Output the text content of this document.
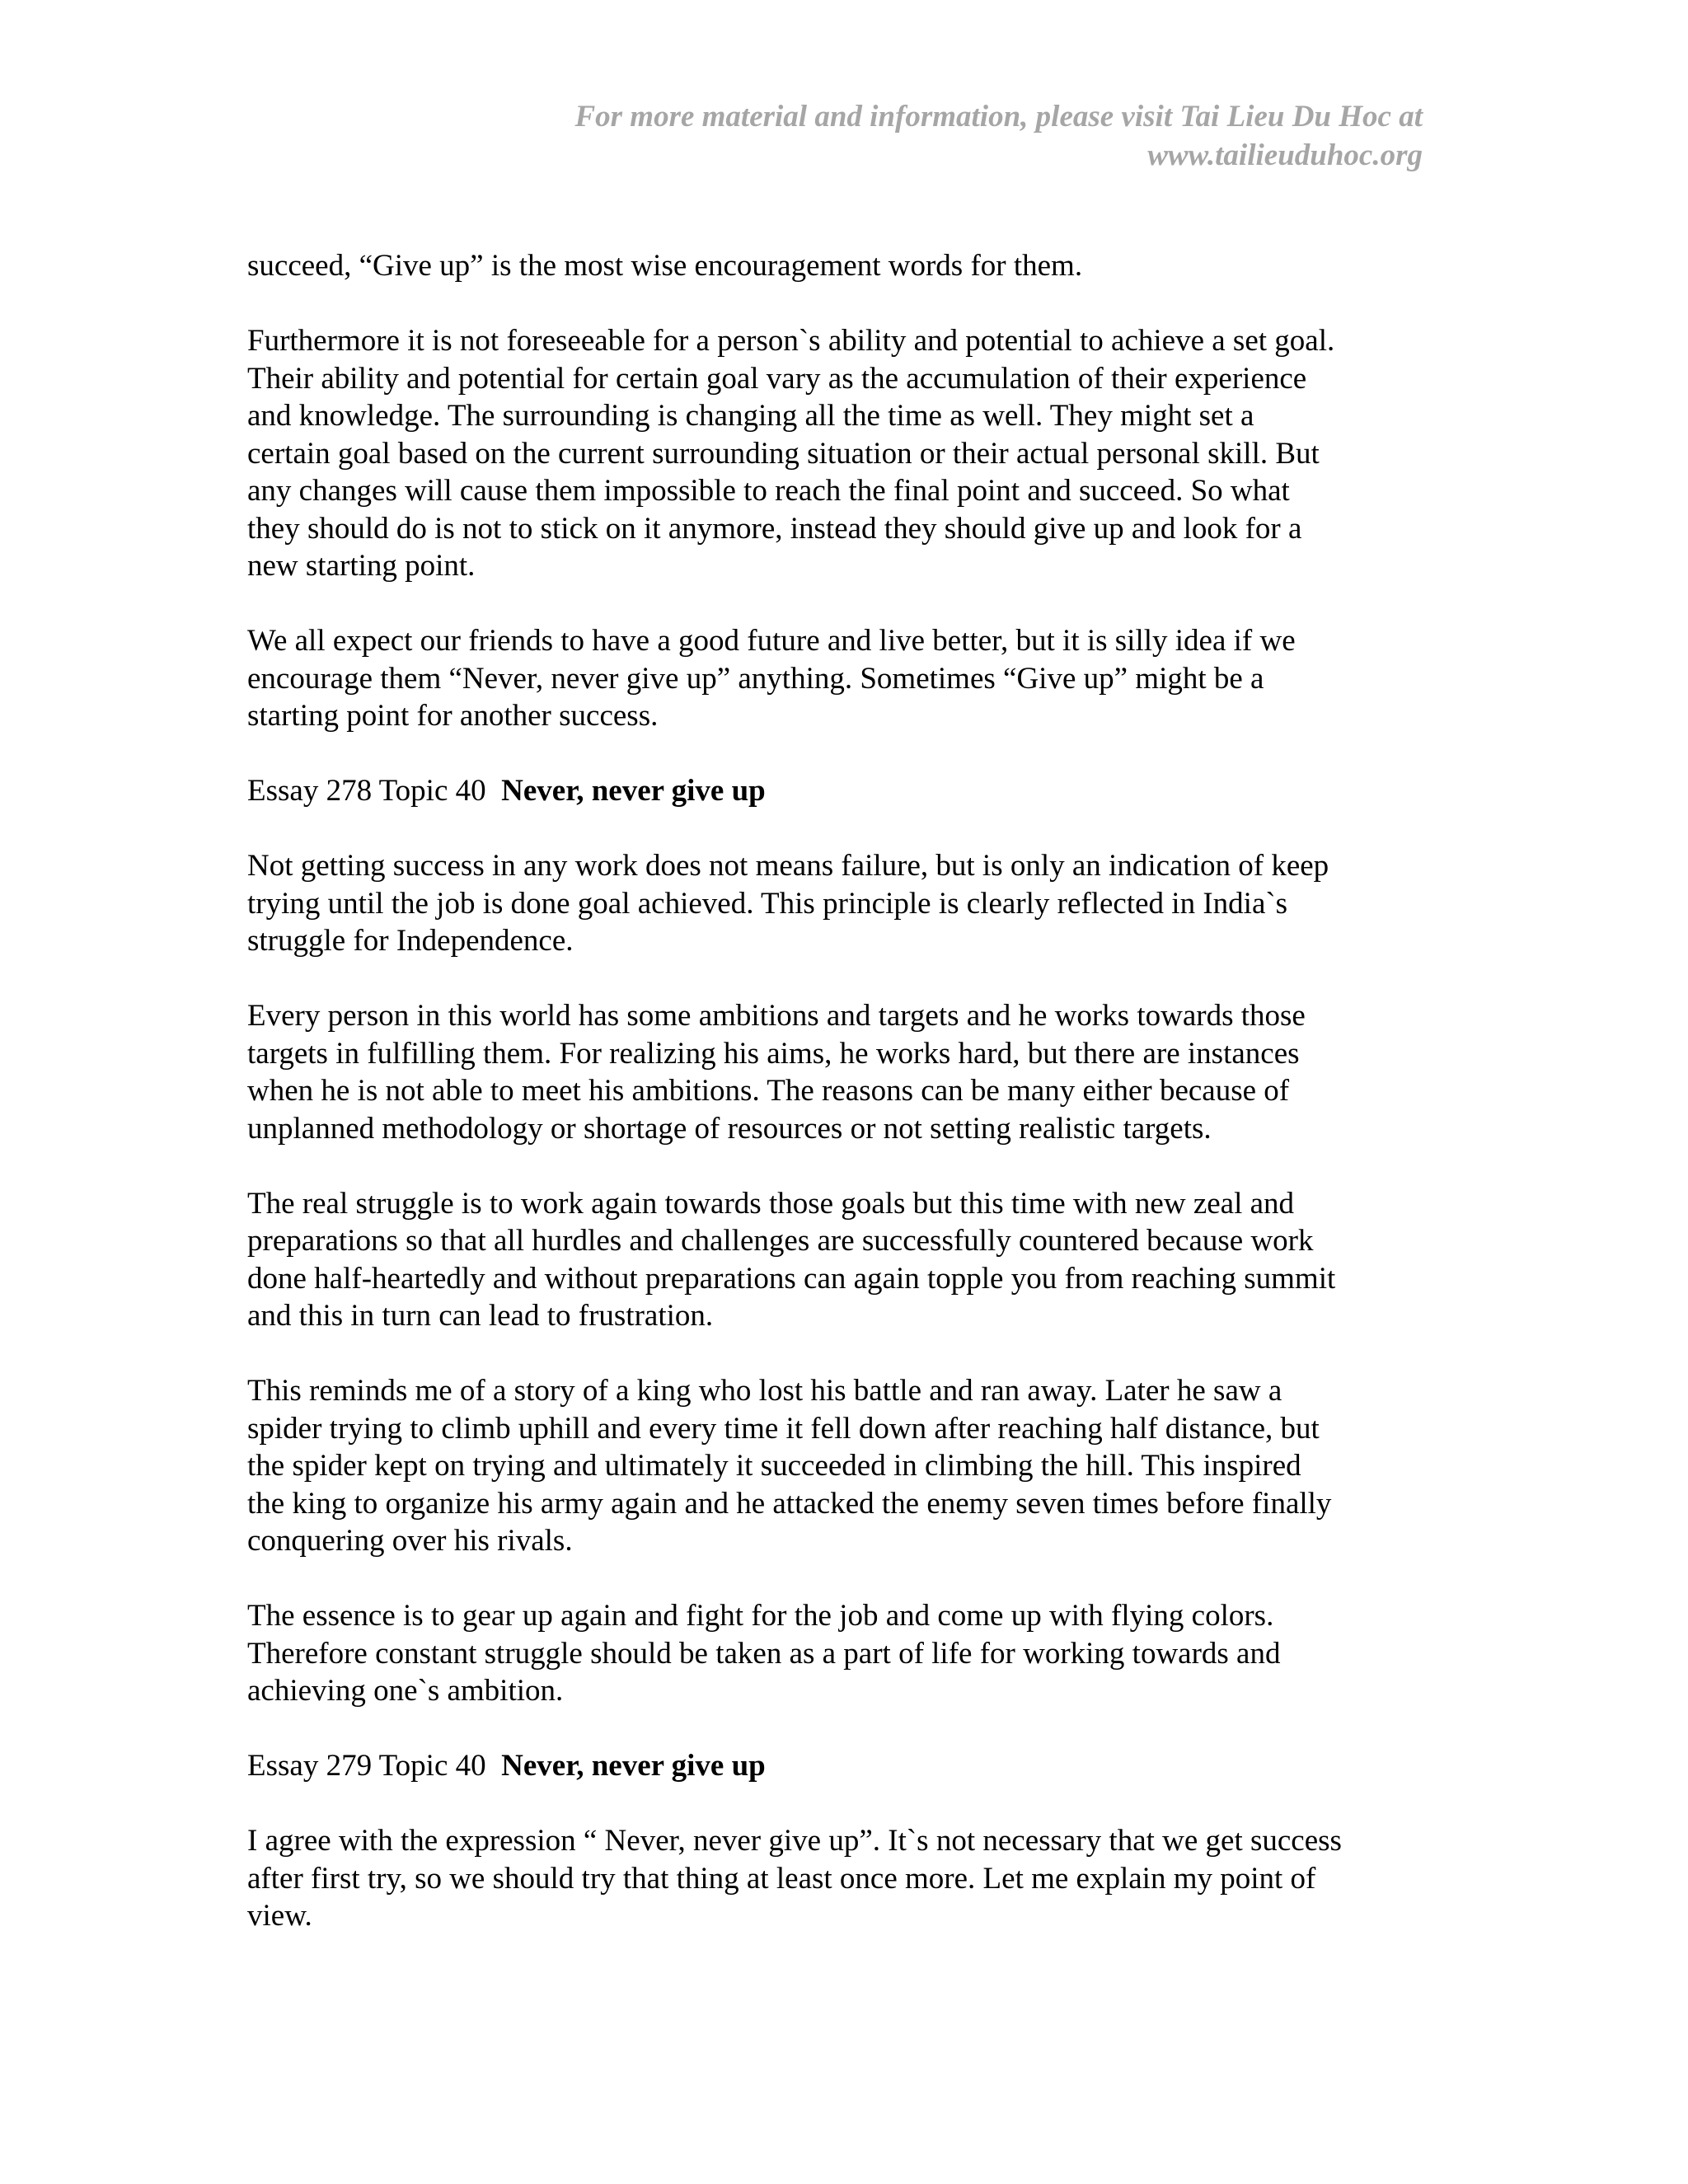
For more material and information, please visit Tai Lieu Du Hoc at
www.tailieuduhoc.org
succeed, “Give up” is the most wise encouragement words for them.
Furthermore it is not foreseeable for a person`s ability and potential to achieve a set goal.
Their ability and potential for certain goal vary as the accumulation of their experience
and knowledge. The surrounding is changing all the time as well. They might set a
certain goal based on the current surrounding situation or their actual personal skill. But
any changes will cause them impossible to reach the final point and succeed. So what
they should do is not to stick on it anymore, instead they should give up and look for a
new starting point.
We all expect our friends to have a good future and live better, but it is silly idea if we
encourage them “Never, never give up” anything. Sometimes “Give up” might be a
starting point for another success.
Essay 278 Topic 40 Never, never give up
Not getting success in any work does not means failure, but is only an indication of keep
trying until the job is done goal achieved. This principle is clearly reflected in India`s
struggle for Independence.
Every person in this world has some ambitions and targets and he works towards those
targets in fulfilling them. For realizing his aims, he works hard, but there are instances
when he is not able to meet his ambitions. The reasons can be many either because of
unplanned methodology or shortage of resources or not setting realistic targets.
The real struggle is to work again towards those goals but this time with new zeal and
preparations so that all hurdles and challenges are successfully countered because work
done half-heartedly and without preparations can again topple you from reaching summit
and this in turn can lead to frustration.
This reminds me of a story of a king who lost his battle and ran away. Later he saw a
spider trying to climb uphill and every time it fell down after reaching half distance, but
the spider kept on trying and ultimately it succeeded in climbing the hill. This inspired
the king to organize his army again and he attacked the enemy seven times before finally
conquering over his rivals.
The essence is to gear up again and fight for the job and come up with flying colors.
Therefore constant struggle should be taken as a part of life for working towards and
achieving one`s ambition.
Essay 279 Topic 40 Never, never give up
I agree with the expression “ Never, never give up”. It`s not necessary that we get success
after first try, so we should try that thing at least once more. Let me explain my point of
view.
